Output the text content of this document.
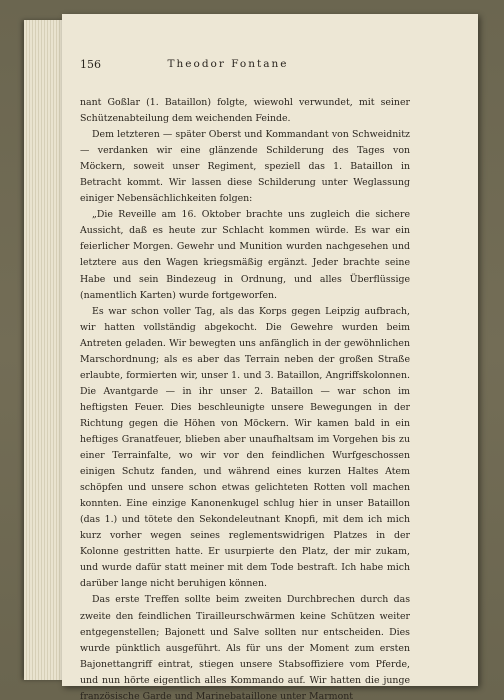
156	Theodor Fontane

nant Goßlar (1. Bataillon) folgte, wiewohl verwundet, mit seiner Schützenabteilung dem weichenden Feinde.

Dem letzteren — später Oberst und Kommandant von Schweidnitz — verdanken wir eine glänzende Schilderung des Tages von Möckern, soweit unser Regiment, speziell das 1. Bataillon in Betracht kommt. Wir lassen diese Schilderung unter Weglassung einiger Nebensächlichkeiten folgen:

„Die Reveille am 16. Oktober brachte uns zugleich die sichere Aussicht, daß es heute zur Schlacht kommen würde. Es war ein feierlicher Morgen. Gewehr und Munition wurden nachgesehen und letztere aus den Wagen kriegsmäßig ergänzt. Jeder brachte seine Habe und sein Bindezeug in Ordnung, und alles Überflüssige (namentlich Karten) wurde fortgeworfen.

Es war schon voller Tag, als das Korps gegen Leipzig aufbrach, wir hatten vollständig abgekocht. Die Gewehre wurden beim Antreten geladen. Wir bewegten uns anfänglich in der gewöhnlichen Marschordnung; als es aber das Terrain neben der großen Straße erlaubte, formierten wir, unser 1. und 3. Bataillon, Angriffskolonnen. Die Avantgarde — in ihr unser 2. Bataillon — war schon im heftigsten Feuer. Dies beschleunigte unsere Bewegungen in der Richtung gegen die Höhen von Möckern. Wir kamen bald in ein heftiges Granatfeuer, blieben aber unaufhaltsam im Vorgehen bis zu einer Terrainfalte, wo wir vor den feindlichen Wurfgeschossen einigen Schutz fanden, und während eines kurzen Haltes Atem schöpfen und unsere schon etwas gelichteten Rotten voll machen konnten. Eine einzige Kanonenkugel schlug hier in unser Bataillon (das 1.) und tötete den Sekondeleutnant Knopfi, mit dem ich mich kurz vorher wegen seines reglementswidrigen Platzes in der Kolonne gestritten hatte. Er usurpierte den Platz, der mir zukam, und wurde dafür statt meiner mit dem Tode bestraft. Ich habe mich darüber lange nicht beruhigen können.

Das erste Treffen sollte beim zweiten Durchbrechen durch das zweite den feindlichen Tirailleurschwärmen keine Schützen weiter entgegenstellen; Bajonett und Salve sollten nur entscheiden. Dies wurde pünktlich ausgeführt. Als für uns der Moment zum ersten Bajonettangriff eintrat, stiegen unsere Stabsoffiziere vom Pferde, und nun hörte eigentlich alles Kommando auf. Wir hatten die junge französische Garde und Marinebataillone unter Marmont
